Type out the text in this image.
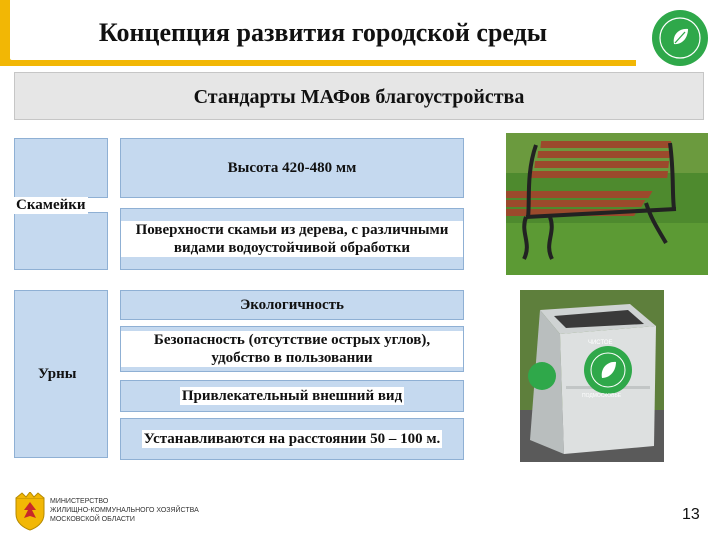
Концепция развития городской среды
Стандарты МАФов благоустройства
Скамейки
Высота 420-480 мм
Поверхности скамьи из дерева, с различными видами водоустойчивой обработки
Урны
Экологичность
Безопасность (отсутствие острых углов), удобство в пользовании
Привлекательный внешний вид
Устанавливаются на расстоянии 50 – 100 м.
ЧИСТОЕ
ПОДМОСКОВЬЕ
МИНИСТЕРСТВО
ЖИЛИЩНО-КОММУНАЛЬНОГО ХОЗЯЙСТВА
МОСКОВСКОЙ ОБЛАСТИ	13
